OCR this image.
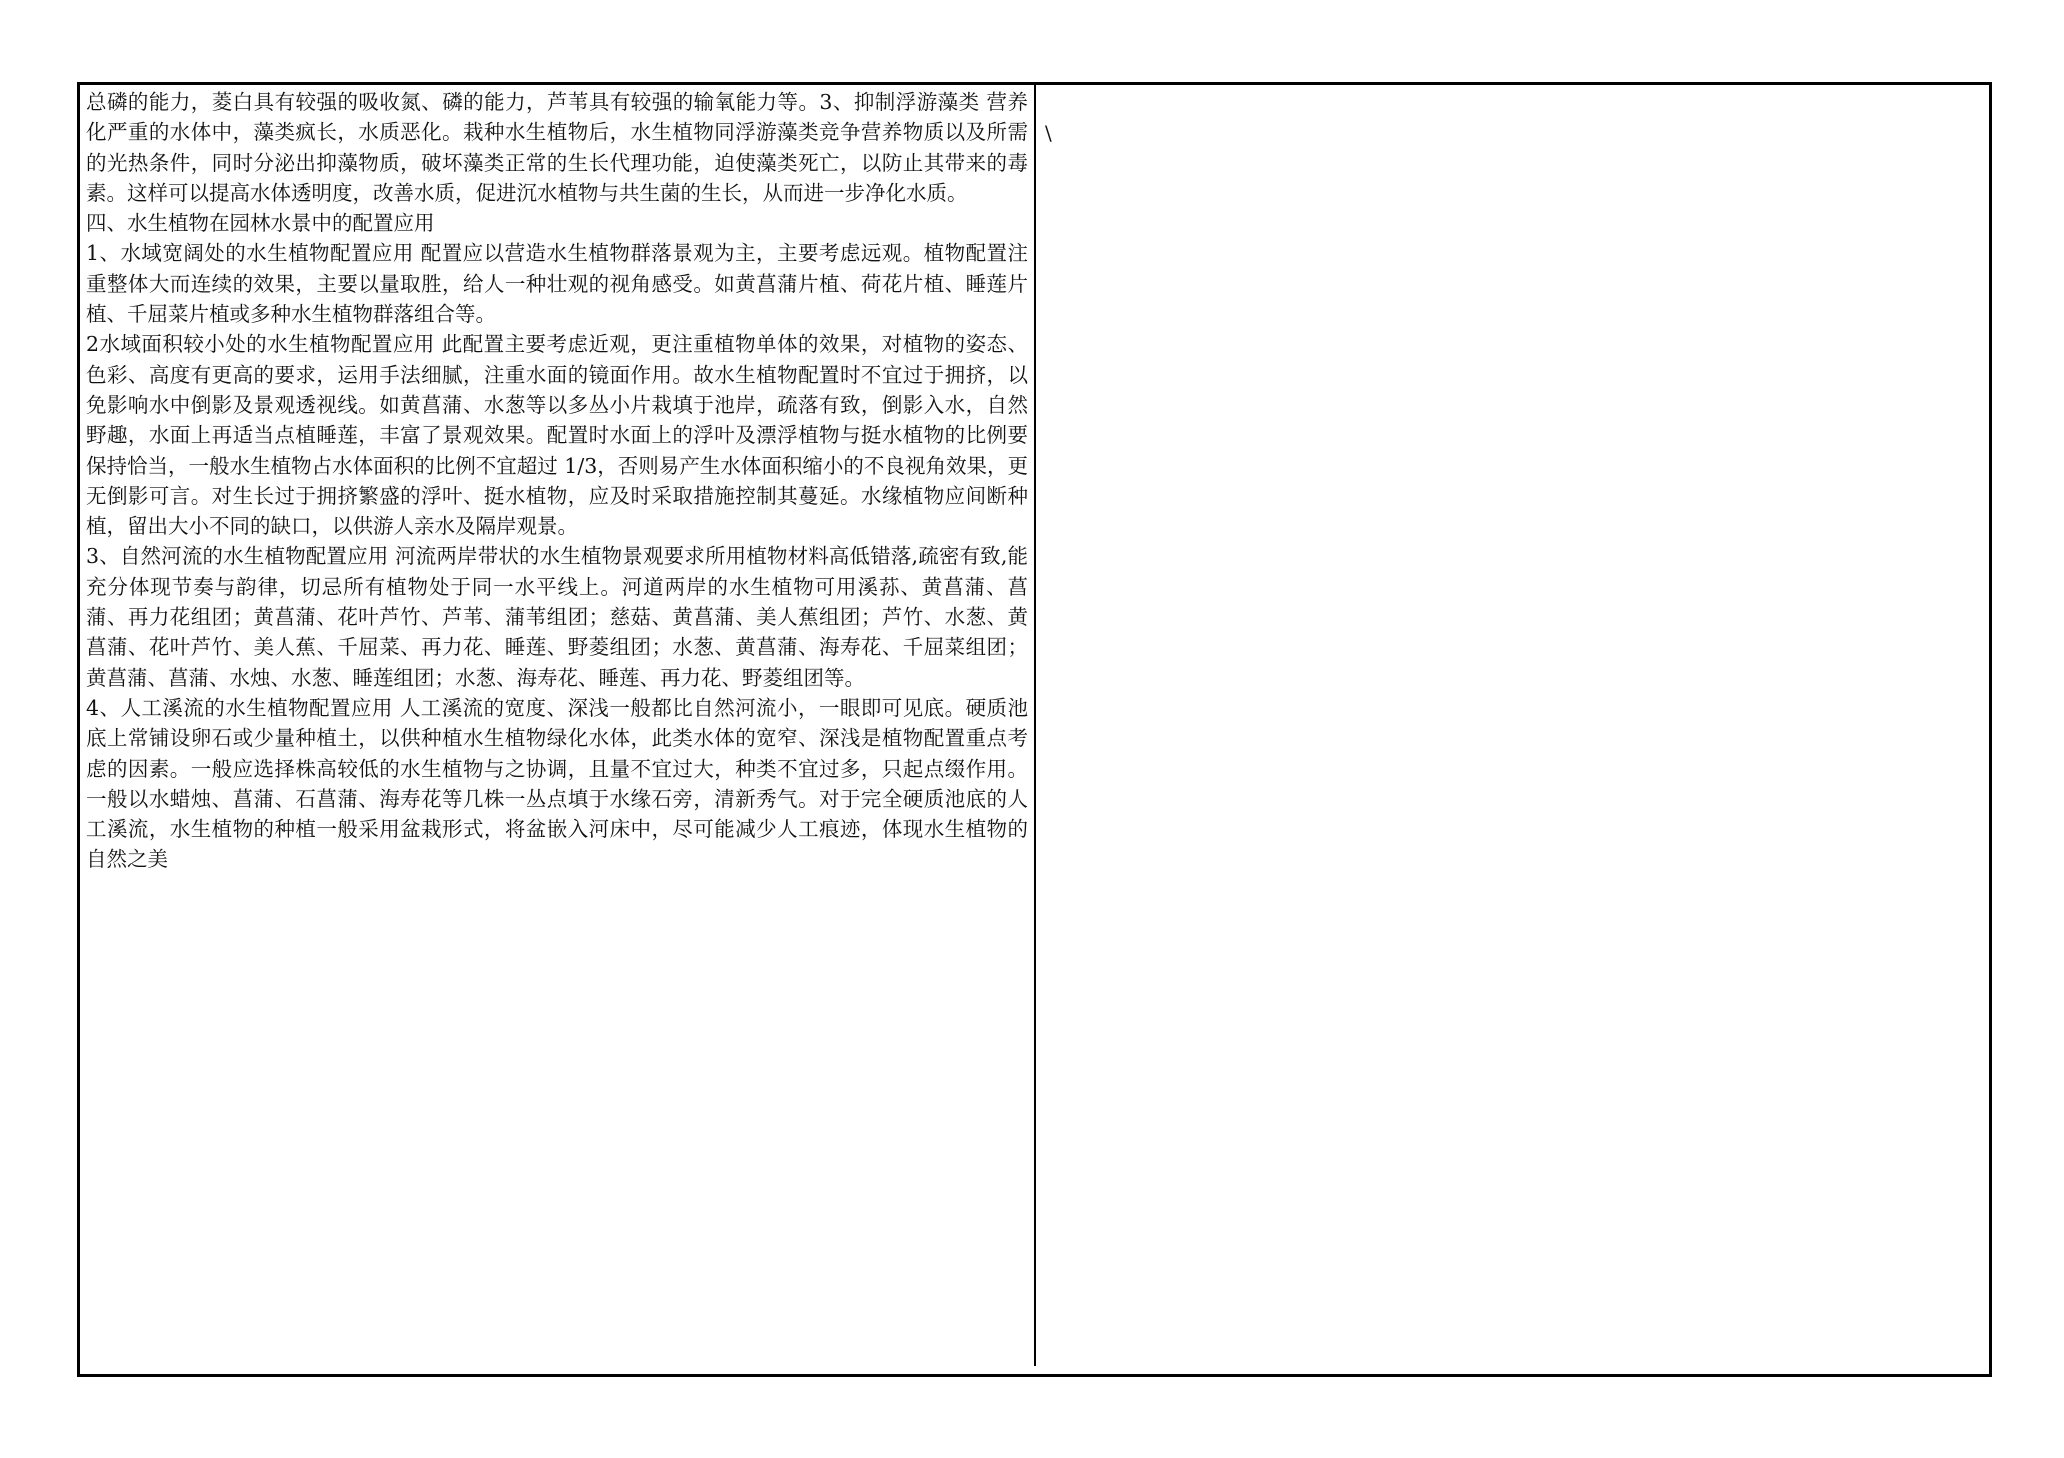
总磷的能力，菱白具有较强的吸收氮、磷的能力，芦苇具有较强的输氧能力等。3、抑制浮游藻类 营养化严重的水体中，藻类疯长，水质恶化。栽种水生植物后，水生植物同浮游藻类竞争营养物质以及所需的光热条件，同时分泌出抑藻物质，破坏藻类正常的生长代理功能，迫使藻类死亡，以防止其带来的毒素。这样可以提高水体透明度，改善水质，促进沉水植物与共生菌的生长，从而进一步净化水质。

四、水生植物在园林水景中的配置应用

1、水域宽阔处的水生植物配置应用 配置应以营造水生植物群落景观为主，主要考虑远观。植物配置注重整体大而连续的效果，主要以量取胜，给人一种壮观的视角感受。如黄菖蒲片植、荷花片植、睡莲片植、千屈菜片植或多种水生植物群落组合等。

2水域面积较小处的水生植物配置应用 此配置主要考虑近观，更注重植物单体的效果，对植物的姿态、色彩、高度有更高的要求，运用手法细腻，注重水面的镜面作用。故水生植物配置时不宜过于拥挤，以免影响水中倒影及景观透视线。如黄菖蒲、水葱等以多丛小片栽填于池岸，疏落有致，倒影入水，自然野趣，水面上再适当点植睡莲，丰富了景观效果。配置时水面上的浮叶及漂浮植物与挺水植物的比例要保持恰当，一般水生植物占水体面积的比例不宜超过 1/3，否则易产生水体面积缩小的不良视角效果，更无倒影可言。对生长过于拥挤繁盛的浮叶、挺水植物，应及时采取措施控制其蔓延。水缘植物应间断种植，留出大小不同的缺口，以供游人亲水及隔岸观景。

3、自然河流的水生植物配置应用 河流两岸带状的水生植物景观要求所用植物材料高低错落,疏密有致,能充分体现节奏与韵律，切忌所有植物处于同一水平线上。河道两岸的水生植物可用溪荪、黄菖蒲、菖蒲、再力花组团；黄菖蒲、花叶芦竹、芦苇、蒲苇组团；慈菇、黄菖蒲、美人蕉组团；芦竹、水葱、黄菖蒲、花叶芦竹、美人蕉、千屈菜、再力花、睡莲、野菱组团；水葱、黄菖蒲、海寿花、千屈菜组团；黄菖蒲、菖蒲、水烛、水葱、睡莲组团；水葱、海寿花、睡莲、再力花、野菱组团等。

4、人工溪流的水生植物配置应用 人工溪流的宽度、深浅一般都比自然河流小，一眼即可见底。硬质池底上常铺设卵石或少量种植土，以供种植水生植物绿化水体，此类水体的宽窄、深浅是植物配置重点考虑的因素。一般应选择株高较低的水生植物与之协调，且量不宜过大，种类不宜过多，只起点缀作用。一般以水蜡烛、菖蒲、石菖蒲、海寿花等几株一丛点填于水缘石旁，清新秀气。对于完全硬质池底的人工溪流，水生植物的种植一般采用盆栽形式，将盆嵌入河床中，尽可能减少人工痕迹，体现水生植物的自然之美

\
